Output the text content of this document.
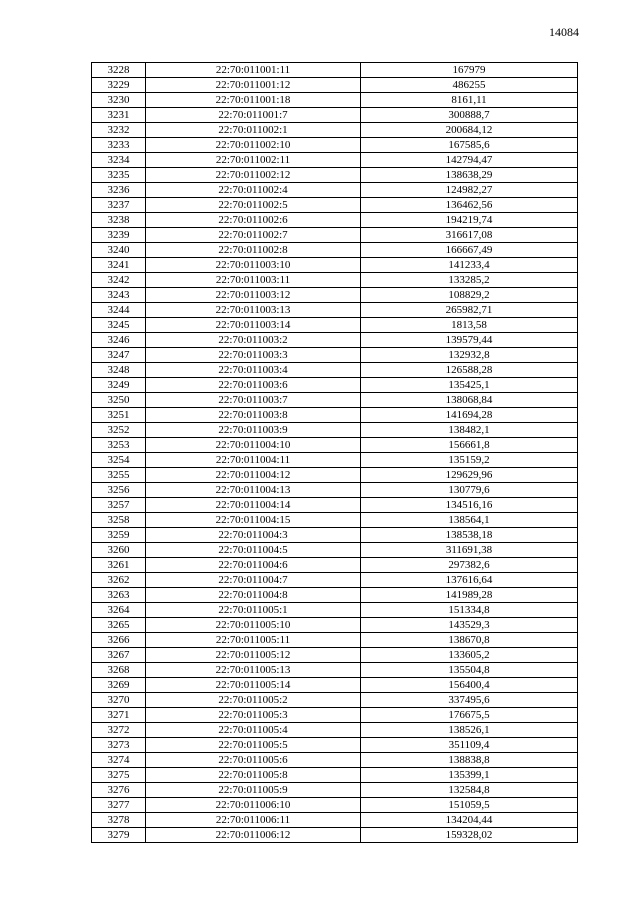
14084
3228	22:70:011001:11	167979
3229	22:70:011001:12	486255
3230	22:70:011001:18	8161,11
3231	22:70:011001:7	300888,7
3232	22:70:011002:1	200684,12
3233	22:70:011002:10	167585,6
3234	22:70:011002:11	142794,47
3235	22:70:011002:12	138638,29
3236	22:70:011002:4	124982,27
3237	22:70:011002:5	136462,56
3238	22:70:011002:6	194219,74
3239	22:70:011002:7	316617,08
3240	22:70:011002:8	166667,49
3241	22:70:011003:10	141233,4
3242	22:70:011003:11	133285,2
3243	22:70:011003:12	108829,2
3244	22:70:011003:13	265982,71
3245	22:70:011003:14	1813,58
3246	22:70:011003:2	139579,44
3247	22:70:011003:3	132932,8
3248	22:70:011003:4	126588,28
3249	22:70:011003:6	135425,1
3250	22:70:011003:7	138068,84
3251	22:70:011003:8	141694,28
3252	22:70:011003:9	138482,1
3253	22:70:011004:10	156661,8
3254	22:70:011004:11	135159,2
3255	22:70:011004:12	129629,96
3256	22:70:011004:13	130779,6
3257	22:70:011004:14	134516,16
3258	22:70:011004:15	138564,1
3259	22:70:011004:3	138538,18
3260	22:70:011004:5	311691,38
3261	22:70:011004:6	297382,6
3262	22:70:011004:7	137616,64
3263	22:70:011004:8	141989,28
3264	22:70:011005:1	151334,8
3265	22:70:011005:10	143529,3
3266	22:70:011005:11	138670,8
3267	22:70:011005:12	133605,2
3268	22:70:011005:13	135504,8
3269	22:70:011005:14	156400,4
3270	22:70:011005:2	337495,6
3271	22:70:011005:3	176675,5
3272	22:70:011005:4	138526,1
3273	22:70:011005:5	351109,4
3274	22:70:011005:6	138838,8
3275	22:70:011005:8	135399,1
3276	22:70:011005:9	132584,8
3277	22:70:011006:10	151059,5
3278	22:70:011006:11	134204,44
3279	22:70:011006:12	159328,02
